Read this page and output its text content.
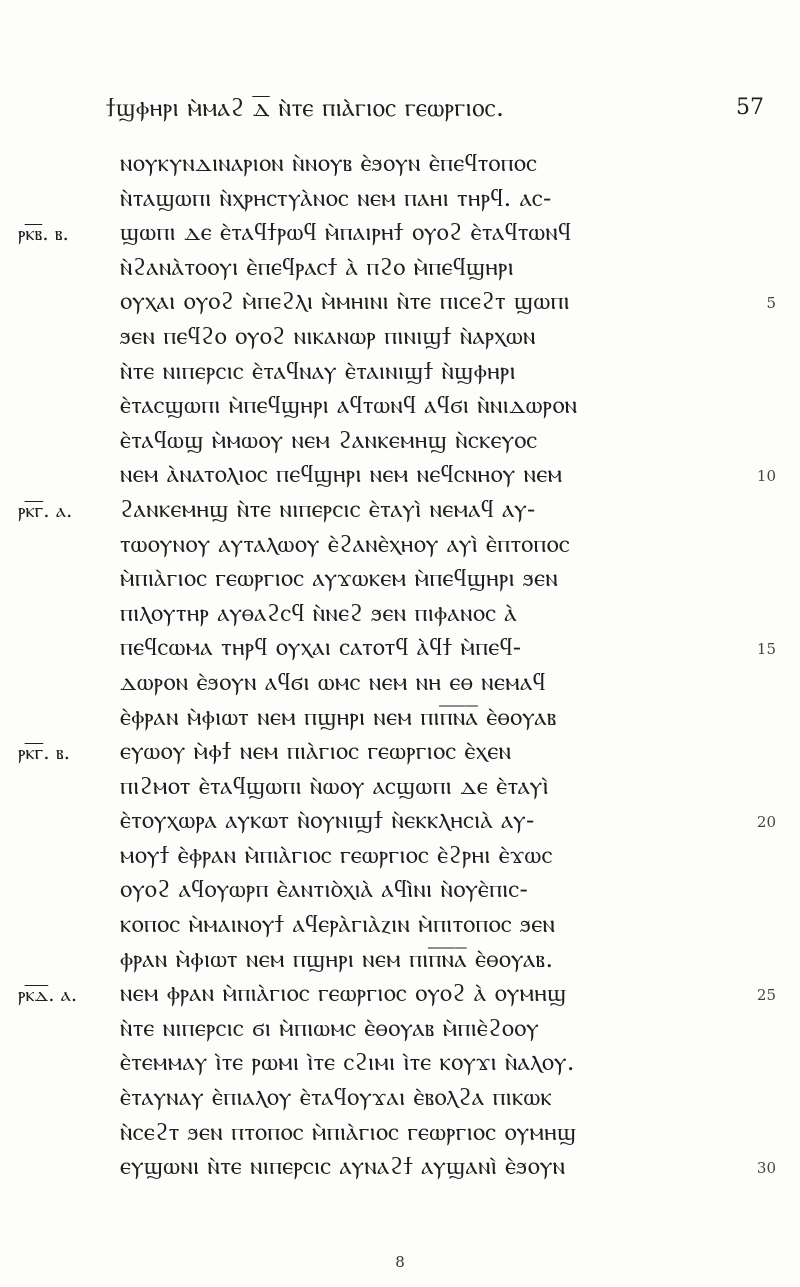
ϯϣⲫⲏⲣⲓ ⲙ̀ⲙⲁϩ ⲇ̅ ⲛ̀ⲧⲉ ⲡⲓⲁ̀ⲅⲓⲟⲥ ⲅⲉⲱⲣⲅⲓⲟⲥ.	57
ⲛⲟⲩⲕⲩⲛⲇⲓⲛⲁⲣⲓⲟⲛ ⲛ̀ⲛⲟⲩⲃ ⲉ̀ϧⲟⲩⲛ ⲉ̀ⲡⲉϥⲧⲟⲡⲟⲥ
ⲛ̀ⲧⲁϣⲱⲡⲓ ⲛ̀ⲭⲣⲏⲥⲧⲩⲁ̀ⲛⲟⲥ ⲛⲉⲙ ⲡⲁⲏⲓ ⲧⲏⲣϥ. ⲁⲥ-
ⲣⲕ̅ⲃ̅. ⲃ. ϣⲱⲡⲓ ⲇⲉ ⲉ̀ⲧⲁϥϯⲣⲱϥ ⲙ̀ⲡⲁⲓⲣⲏϯ ⲟⲩⲟϩ ⲉ̀ⲧⲁϥⲧⲱⲛϥ
ⲛ̀ϩⲁⲛⲁ̀ⲧⲟⲟⲩⲓ ⲉ̀ⲡⲉϥⲣⲁⲥϯ ⲁ̀ ⲡϩⲟ ⲙ̀ⲡⲉϥϣⲏⲣⲓ
ⲟⲩⲭⲁⲓ ⲟⲩⲟϩ ⲙ̀ⲡⲉϩⲗⲓ ⲙ̀ⲙⲏⲓⲛⲓ ⲛ̀ⲧⲉ ⲡⲓⲥⲉϩⲧ ϣⲱⲡⲓ	5
ϧⲉⲛ ⲡⲉϥϩⲟ ⲟⲩⲟϩ ⲛⲓⲕⲁⲛⲱⲣ ⲡⲓⲛⲓϣϯ ⲛ̀ⲁⲣⲭⲱⲛ
ⲛ̀ⲧⲉ ⲛⲓⲡⲉⲣⲥⲓⲥ ⲉ̀ⲧⲁϥⲛⲁⲩ ⲉ̀ⲧⲁⲓⲛⲓϣϯ ⲛ̀ϣⲫⲏⲣⲓ
ⲉ̀ⲧⲁⲥϣⲱⲡⲓ ⲙ̀ⲡⲉϥϣⲏⲣⲓ ⲁϥⲧⲱⲛϥ ⲁϥϭⲓ ⲛ̀ⲛⲓⲇⲱⲣⲟⲛ
ⲉ̀ⲧⲁϥⲱϣ ⲙ̀ⲙⲱⲟⲩ ⲛⲉⲙ ϩⲁⲛⲕⲉⲙⲏϣ ⲛ̀ⲥⲕⲉⲩⲟⲥ
ⲛⲉⲙ ⲁ̀ⲛⲁⲧⲟⲗⲓⲟⲥ ⲡⲉϥϣⲏⲣⲓ ⲛⲉⲙ ⲛⲉϥⲥⲛⲏⲟⲩ ⲛⲉⲙ	10
ⲣⲕ̅ⲅ̅. ⲁ. ϩⲁⲛⲕⲉⲙⲏϣ ⲛ̀ⲧⲉ ⲛⲓⲡⲉⲣⲥⲓⲥ ⲉ̀ⲧⲁⲩⲓ̀ ⲛⲉⲙⲁϥ ⲁⲩ-
ⲧⲱⲟⲩⲛⲟⲩ ⲁⲩⲧⲁⲗⲱⲟⲩ ⲉ̀ϩⲁⲛⲉ̀ⲭⲏⲟⲩ ⲁⲩⲓ̀ ⲉ̀ⲡⲧⲟⲡⲟⲥ
ⲙ̀ⲡⲓⲁ̀ⲅⲓⲟⲥ ⲅⲉⲱⲣⲅⲓⲟⲥ ⲁⲩϫⲱⲕⲉⲙ ⲙ̀ⲡⲉϥϣⲏⲣⲓ ϧⲉⲛ
ⲡⲓⲗⲟⲩⲧⲏⲣ ⲁⲩⲑⲁϩⲥϥ ⲛ̀ⲛⲉϩ ϧⲉⲛ ⲡⲓⲫⲁⲛⲟⲥ ⲁ̀
ⲡⲉϥⲥⲱⲙⲁ ⲧⲏⲣϥ ⲟⲩⲭⲁⲓ ⲥⲁⲧⲟⲧϥ ⲁ̀ϥϯ ⲙ̀ⲡⲉϥ-	15
ⲇⲱⲣⲟⲛ ⲉ̀ϧⲟⲩⲛ ⲁϥϭⲓ ⲱⲙⲥ ⲛⲉⲙ ⲛⲏ ⲉⲑ ⲛⲉⲙⲁϥ
ⲉ̀ⲫⲣⲁⲛ ⲙ̀ⲫⲓⲱⲧ ⲛⲉⲙ ⲡϣⲏⲣⲓ ⲛⲉⲙ ⲡⲓⲡ̅ⲛ̅ⲁ̅ ⲉ̀ⲑⲟⲩⲁⲃ
ⲣⲕ̅ⲅ̅. ⲃ. ⲉⲩⲱⲟⲩ ⲙ̀ⲫϯ ⲛⲉⲙ ⲡⲓⲁ̀ⲅⲓⲟⲥ ⲅⲉⲱⲣⲅⲓⲟⲥ ⲉ̀ⲭⲉⲛ
ⲡⲓϩⲙⲟⲧ ⲉ̀ⲧⲁϥϣⲱⲡⲓ ⲛ̀ⲱⲟⲩ ⲁⲥϣⲱⲡⲓ ⲇⲉ ⲉ̀ⲧⲁⲩⲓ̀
ⲉ̀ⲧⲟⲩⲭⲱⲣⲁ ⲁⲩⲕⲱⲧ ⲛ̀ⲟⲩⲛⲓϣϯ ⲛ̀ⲉⲕⲕⲗⲏⲥⲓⲁ̀ ⲁⲩ-	20
ⲙⲟⲩϯ ⲉ̀ⲫⲣⲁⲛ ⲙ̀ⲡⲓⲁ̀ⲅⲓⲟⲥ ⲅⲉⲱⲣⲅⲓⲟⲥ ⲉ̀ϩⲣⲏⲓ ⲉ̀ϫⲱⲥ
ⲟⲩⲟϩ ⲁϥⲟⲩⲱⲣⲡ ⲉ̀ⲁⲛⲧⲓⲟ̀ⲭⲓⲁ̀ ⲁϥⲓ̀ⲛⲓ ⲛ̀ⲟⲩⲉ̀ⲡⲓⲥ-
ⲕⲟⲡⲟⲥ ⲙ̀ⲙⲁⲓⲛⲟⲩϯ ⲁϥⲉⲣⲁ̀ⲅⲓⲁ̀ⲍⲓⲛ ⲙ̀ⲡⲓⲧⲟⲡⲟⲥ ϧⲉⲛ
ⲫⲣⲁⲛ ⲙ̀ⲫⲓⲱⲧ ⲛⲉⲙ ⲡϣⲏⲣⲓ ⲛⲉⲙ ⲡⲓⲡ̅ⲛ̅ⲁ̅ ⲉ̀ⲑⲟⲩⲁⲃ.
ⲣⲕ̅ⲇ̅. ⲁ. ⲛⲉⲙ ⲫⲣⲁⲛ ⲙ̀ⲡⲓⲁ̀ⲅⲓⲟⲥ ⲅⲉⲱⲣⲅⲓⲟⲥ ⲟⲩⲟϩ ⲁ̀ ⲟⲩⲙⲏϣ	25
ⲛ̀ⲧⲉ ⲛⲓⲡⲉⲣⲥⲓⲥ ϭⲓ ⲙ̀ⲡⲓⲱⲙⲥ ⲉ̀ⲑⲟⲩⲁⲃ ⲙ̀ⲡⲓⲉ̀ϩⲟⲟⲩ
ⲉ̀ⲧⲉⲙⲙⲁⲩ ⲓ̀ⲧⲉ ⲣⲱⲙⲓ ⲓ̀ⲧⲉ ⲥϩⲓⲙⲓ ⲓ̀ⲧⲉ ⲕⲟⲩϫⲓ ⲛ̀ⲁⲗⲟⲩ.
ⲉ̀ⲧⲁⲩⲛⲁⲩ ⲉ̀ⲡⲓⲁⲗⲟⲩ ⲉ̀ⲧⲁϥⲟⲩϫⲁⲓ ⲉ̀ⲃⲟⲗϩⲁ ⲡⲓⲕⲱⲕ
ⲛ̀ⲥⲉϩⲧ ϧⲉⲛ ⲡⲧⲟⲡⲟⲥ ⲙ̀ⲡⲓⲁ̀ⲅⲓⲟⲥ ⲅⲉⲱⲣⲅⲓⲟⲥ ⲟⲩⲙⲏϣ
ⲉⲩϣⲱⲛⲓ ⲛ̀ⲧⲉ ⲛⲓⲡⲉⲣⲥⲓⲥ ⲁⲩⲛⲁϩϯ ⲁⲩϣⲁⲛⲓ̀ ⲉ̀ϧⲟⲩⲛ	30
8
